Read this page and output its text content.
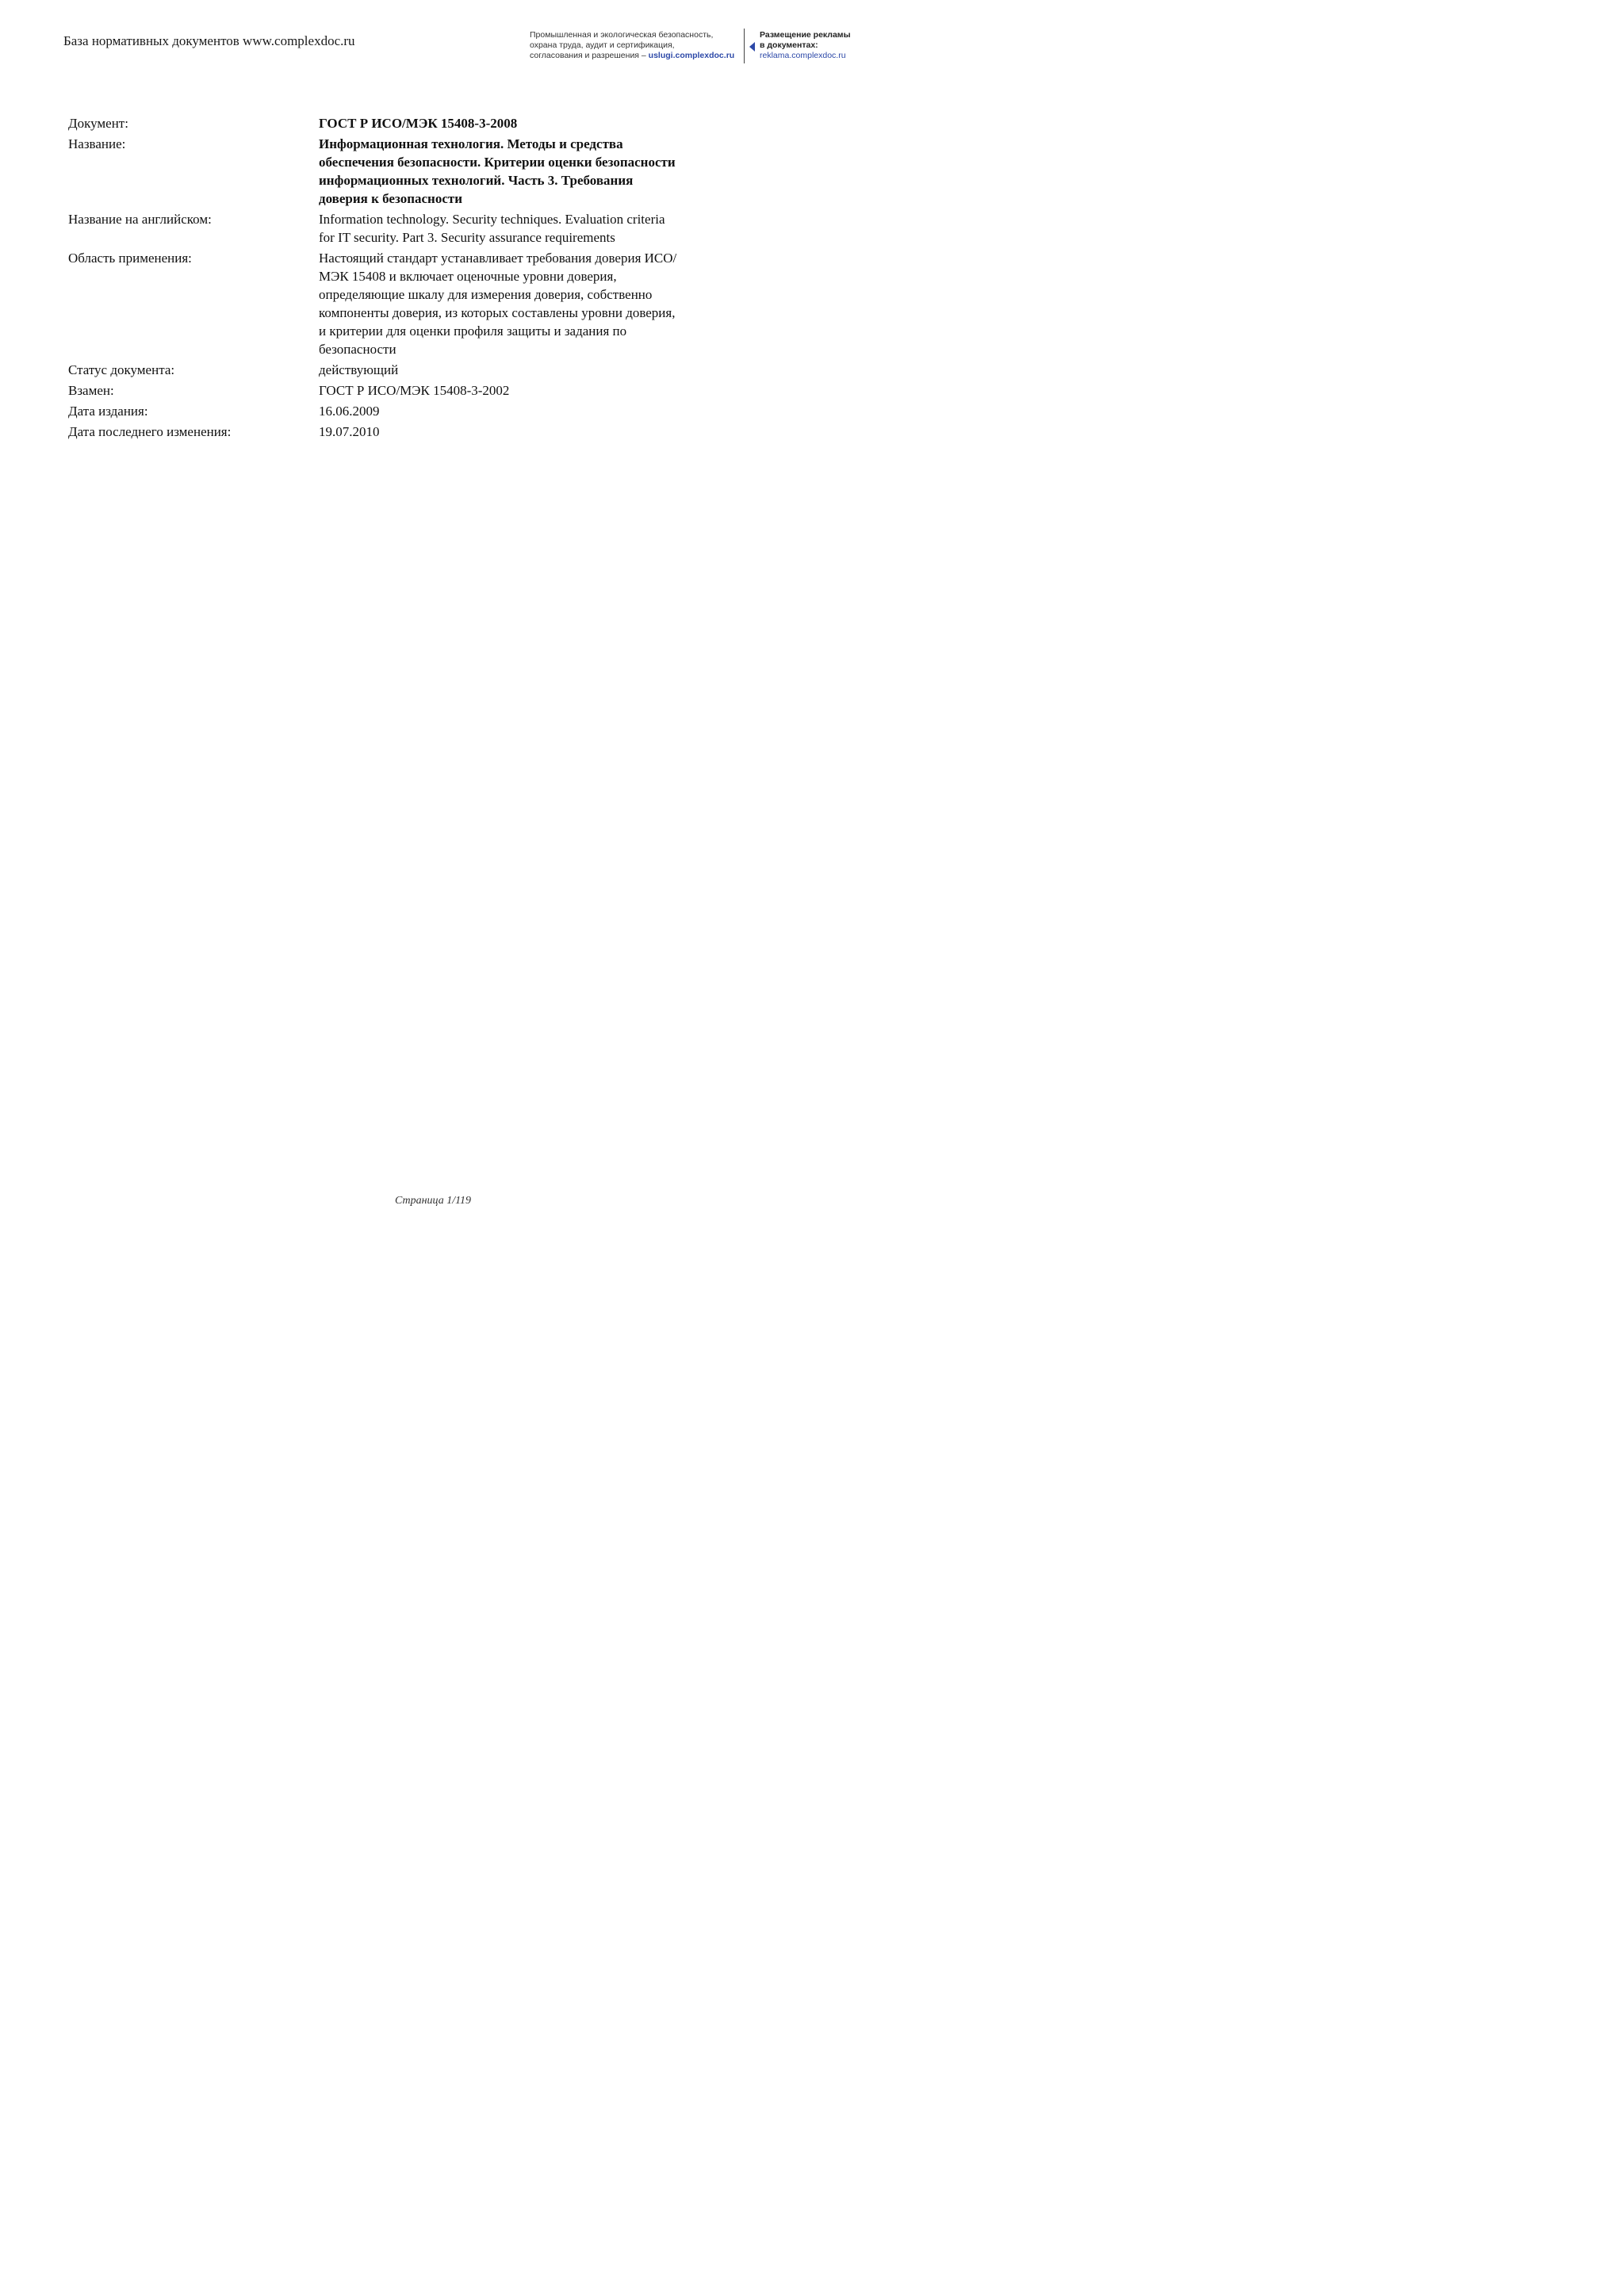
База нормативных документов www.complexdoc.ru	Промышленная и экологическая безопасность,
охрана труда, аудит и сертификация,
согласования и разрешения – uslugi.complexdoc.ru
Размещение рекламы
в документах:
reklama.complexdoc.ru
Документ:	ГОСТ Р ИСО/МЭК 15408-3-2008
Название:	Информационная технология. Методы и средства обеспечения безопасности. Критерии оценки безопасности информационных технологий. Часть 3. Требования доверия к безопасности
Название на английском:	Information technology. Security techniques. Evaluation criteria for IT security. Part 3. Security assurance requirements
Область применения:	Настоящий стандарт устанавливает требования доверия ИСО/МЭК 15408 и включает оценочные уровни доверия, определяющие шкалу для измерения доверия, собственно компоненты доверия, из которых составлены уровни доверия, и критерии для оценки профиля защиты и задания по безопасности
Статус документа:	действующий
Взамен:	ГОСТ Р ИСО/МЭК 15408-3-2002
Дата издания:	16.06.2009
Дата последнего изменения:	19.07.2010
Страница 1/119
